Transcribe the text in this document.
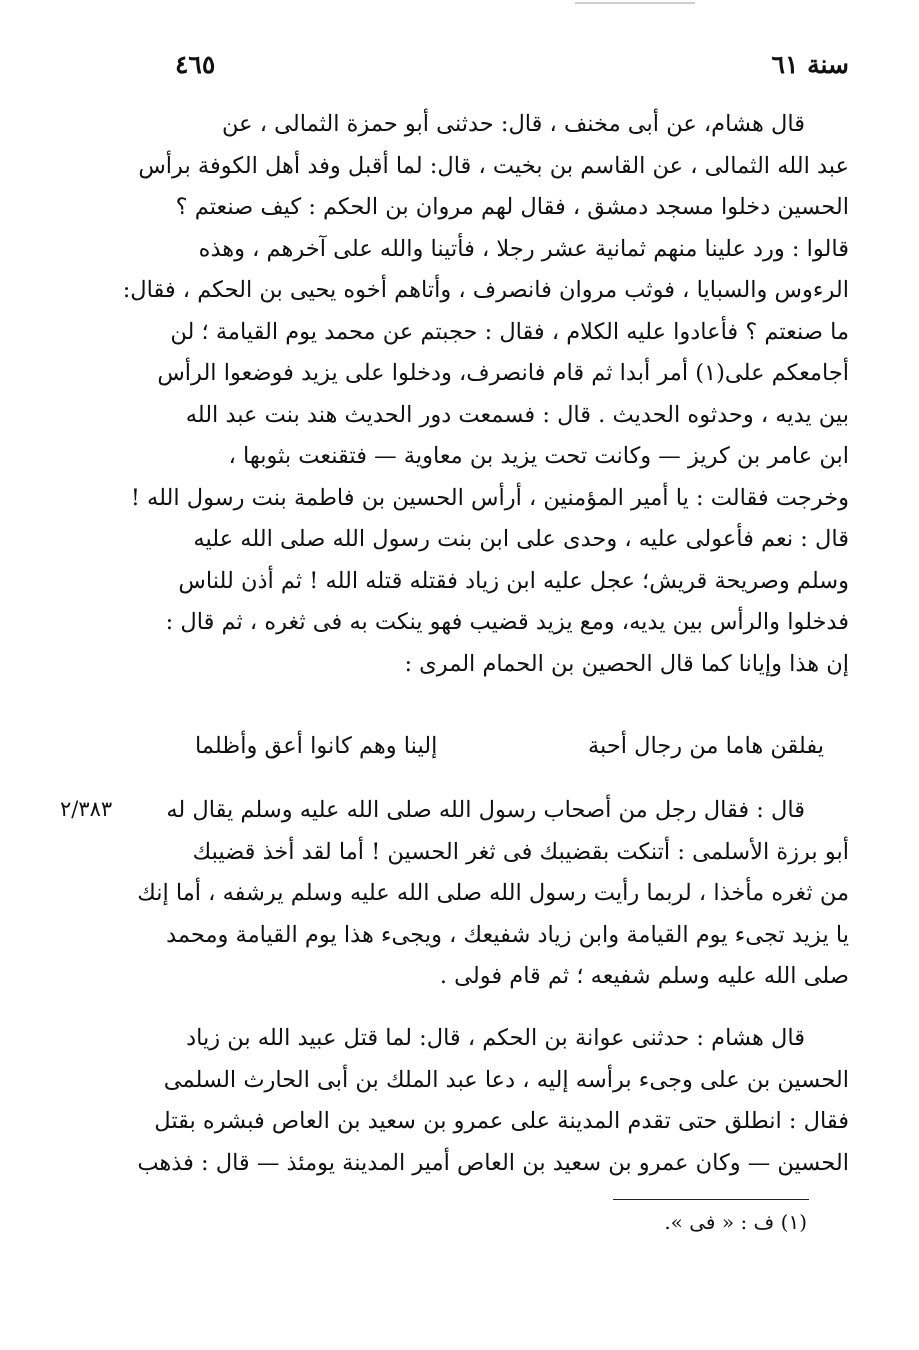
سنة ٦١
٤٦٥

قال هشام، عن أبى مخنف ، قال: حدثنى أبو حمزة الثمالى ، عن

عبد الله الثمالى ، عن القاسم بن بخيت ، قال: لما أقبل وفد أهل الكوفة برأس

الحسين دخلوا مسجد دمشق ، فقال لهم مروان بن الحكم : كيف صنعتم ؟

قالوا : ورد علينا منهم ثمانية عشر رجلا ، فأتينا والله على آخرهم ، وهذه

الرءوس والسبايا ، فوثب مروان فانصرف ، وأتاهم أخوه يحيى بن الحكم ، فقال:

ما صنعتم ؟ فأعادوا عليه الكلام ، فقال : حجبتم عن محمد يوم القيامة ؛ لن

أجامعكم على(١) أمر أبدا ثم قام فانصرف، ودخلوا على يزيد فوضعوا الرأس

بين يديه ، وحدثوه الحديث . قال : فسمعت دور الحديث هند بنت عبد الله

ابن عامر بن كريز — وكانت تحت يزيد بن معاوية — فتقنعت بثوبها ،

وخرجت فقالت : يا أمير المؤمنين ، أرأس الحسين بن فاطمة بنت رسول الله !

قال : نعم فأعولى عليه ، وحدى على ابن بنت رسول الله صلى الله عليه

وسلم وصريحة قريش؛ عجل عليه ابن زياد فقتله قتله الله ! ثم أذن للناس

فدخلوا والرأس بين يديه، ومع يزيد قضيب فهو ينكت به فى ثغره ، ثم قال :

إن هذا وإيانا كما قال الحصين بن الحمام المرى :

يفلقن هاما من رجال أحبة
إلينا وهم كانوا أعق وأظلما
٢/٣٨٣	قال : فقال رجل من أصحاب رسول الله صلى الله عليه وسلم يقال له

أبو برزة الأسلمى : أتنكت بقضيبك فى ثغر الحسين ! أما لقد أخذ قضيبك

من ثغره مأخذا ، لربما رأيت رسول الله صلى الله عليه وسلم يرشفه ، أما إنك

يا يزيد تجىء يوم القيامة وابن زياد شفيعك ، ويجىء هذا يوم القيامة ومحمد

صلى الله عليه وسلم شفيعه ؛ ثم قام فولى .

قال هشام : حدثنى عوانة بن الحكم ، قال: لما قتل عبيد الله بن زياد

الحسين بن على وجىء برأسه إليه ، دعا عبد الملك بن أبى الحارث السلمى

فقال : انطلق حتى تقدم المدينة على عمرو بن سعيد بن العاص فبشره بقتل

الحسين — وكان عمرو بن سعيد بن العاص أمير المدينة يومئذ — قال : فذهب

(١) ف : « فى ».
